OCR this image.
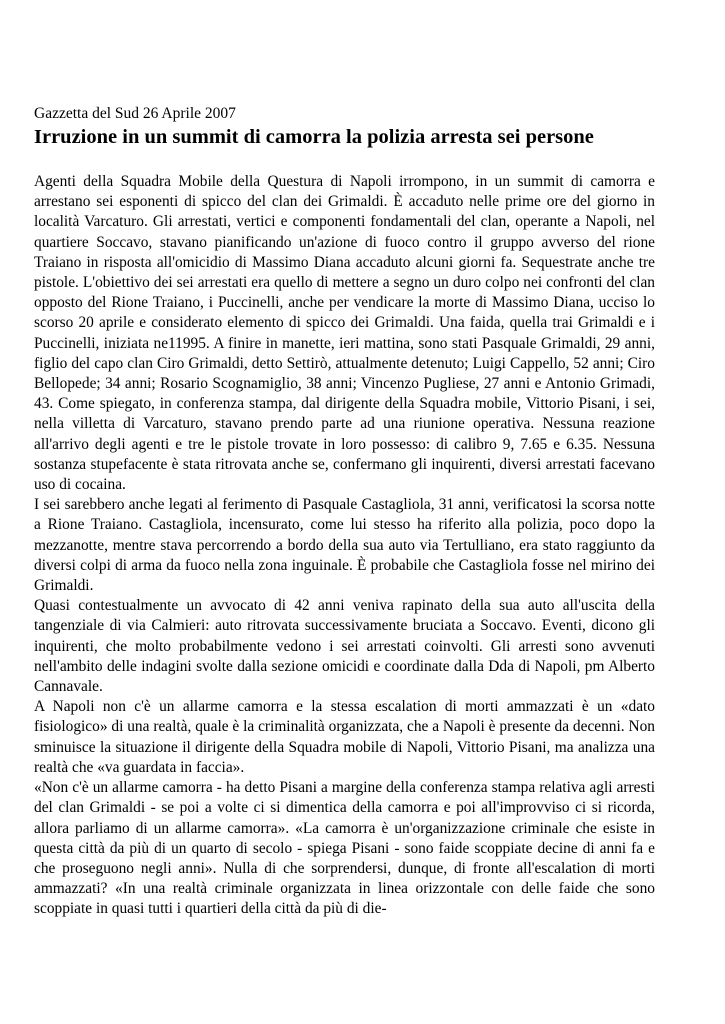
Gazzetta del Sud 26 Aprile 2007

Irruzione in un summit di camorra la polizia arresta sei persone

Agenti della Squadra Mobile della Questura di Napoli irrompono, in un summit di camorra e arrestano sei esponenti di spicco del clan dei Grimaldi. È accaduto nelle prime ore del giorno in località Varcaturo. Gli arrestati, vertici e componenti fondamentali del clan, operante a Napoli, nel quartiere Soccavo, stavano pianificando un'azione di fuoco contro il gruppo avverso del rione Traiano in risposta all'omicidio di Massimo Diana accaduto alcuni giorni fa. Sequestrate anche tre pistole. L'obiettivo dei sei arrestati era quello di mettere a segno un duro colpo nei confronti del clan opposto del Rione Traiano, i Puccinelli, anche per vendicare la morte di Massimo Diana, ucciso lo scorso 20 aprile e considerato elemento di spicco dei Grimaldi. Una faida, quella trai Grimaldi e i Puccinelli, iniziata ne11995. A finire in manette, ieri mattina, sono stati Pasquale Grimaldi, 29 anni, figlio del capo clan Ciro Grimaldi, detto Settirò, attualmente detenuto; Luigi Cappello, 52 anni; Ciro Bellopede; 34 anni; Rosario Scognamiglio, 38 anni; Vincenzo Pugliese, 27 anni e Antonio Grimadi, 43. Come spiegato, in conferenza stampa, dal dirigente della Squadra mobile, Vittorio Pisani, i sei, nella villetta di Varcaturo, stavano prendo parte ad una riunione operativa. Nessuna reazione all'arrivo degli agenti e tre le pistole trovate in loro possesso: di calibro 9, 7.65 e 6.35. Nessuna sostanza stupefacente è stata ritrovata anche se, confermano gli inquirenti, diversi arrestati facevano uso di cocaina.

I sei sarebbero anche legati al ferimento di Pasquale Castagliola, 31 anni, verificatosi la scorsa notte a Rione Traiano. Castagliola, incensurato, come lui stesso ha riferito alla polizia, poco dopo la mezzanotte, mentre stava percorrendo a bordo della sua auto via Tertulliano, era stato raggiunto da diversi colpi di arma da fuoco nella zona inguinale. È probabile che Castagliola fosse nel mirino dei Grimaldi.

Quasi contestualmente un avvocato di 42 anni veniva rapinato della sua auto all'uscita della tangenziale di via Calmieri: auto ritrovata successivamente bruciata a Soccavo. Eventi, dicono gli inquirenti, che molto probabilmente vedono i sei arrestati coinvolti. Gli arresti sono avvenuti nell'ambito delle indagini svolte dalla sezione omicidi e coordinate dalla Dda di Napoli, pm Alberto Cannavale.

A Napoli non c'è un allarme camorra e la stessa escalation di morti ammazzati è un «dato fisiologico» di una realtà, quale è la criminalità organizzata, che a Napoli è presente da decenni. Non sminuisce la situazione il dirigente della Squadra mobile di Napoli, Vittorio Pisani, ma analizza una realtà che «va guardata in faccia».

«Non c'è un allarme camorra - ha detto Pisani a margine della conferenza stampa relativa agli arresti del clan Grimaldi - se poi a volte ci si dimentica della camorra e poi all'improvviso ci si ricorda, allora parliamo di un allarme camorra». «La camorra è un'organizzazione criminale che esiste in questa città da più di un quarto di secolo - spiega Pisani - sono faide scoppiate decine di anni fa e che proseguono negli anni». Nulla di che sorprendersi, dunque, di fronte all'escalation di morti ammazzati? «In una realtà criminale organizzata in linea orizzontale con delle faide che sono scoppiate in quasi tutti i quartieri della città da più di die-
